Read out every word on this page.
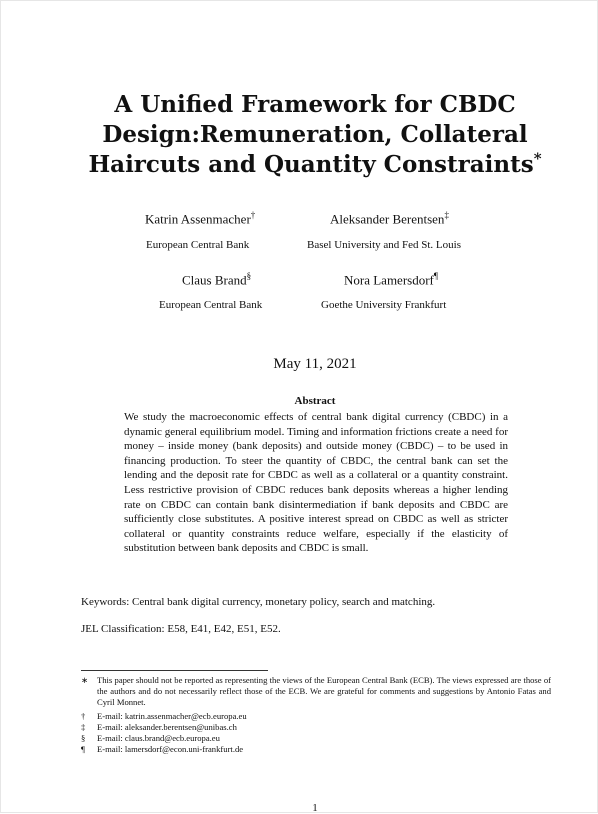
A Unified Framework for CBDC
Design:Remuneration, Collateral
Haircuts and Quantity Constraints*
Katrin Assenmacher†
European Central Bank
Aleksander Berentsen‡
Basel University and Fed St. Louis
Claus Brand§
European Central Bank
Nora Lamersdorf¶
Goethe University Frankfurt
May 11, 2021
Abstract
We study the macroeconomic effects of central bank digital currency (CBDC) in a dynamic general equilibrium model. Timing and information frictions create a need for money – inside money (bank deposits) and outside money (CBDC) – to be used in financing production. To steer the quantity of CBDC, the central bank can set the lending and the deposit rate for CBDC as well as a collateral or a quantity constraint. Less restrictive provision of CBDC reduces bank deposits whereas a higher lending rate on CBDC can contain bank disintermediation if bank deposits and CBDC are sufficiently close substitutes. A positive interest spread on CBDC as well as stricter collateral or quantity constraints reduce welfare, especially if the elasticity of substitution between bank deposits and CBDC is small.
Keywords: Central bank digital currency, monetary policy, search and matching.
JEL Classification: E58, E41, E42, E51, E52.
∗	This paper should not be reported as representing the views of the European Central Bank (ECB). The views expressed are those of the authors and do not necessarily reflect those of the ECB. We are grateful for comments and suggestions by Antonio Fatas and Cyril Monnet.
†	E-mail: katrin.assenmacher@ecb.europa.eu
‡	E-mail: aleksander.berentsen@unibas.ch
§	E-mail: claus.brand@ecb.europa.eu
¶	E-mail: lamersdorf@econ.uni-frankfurt.de
1
